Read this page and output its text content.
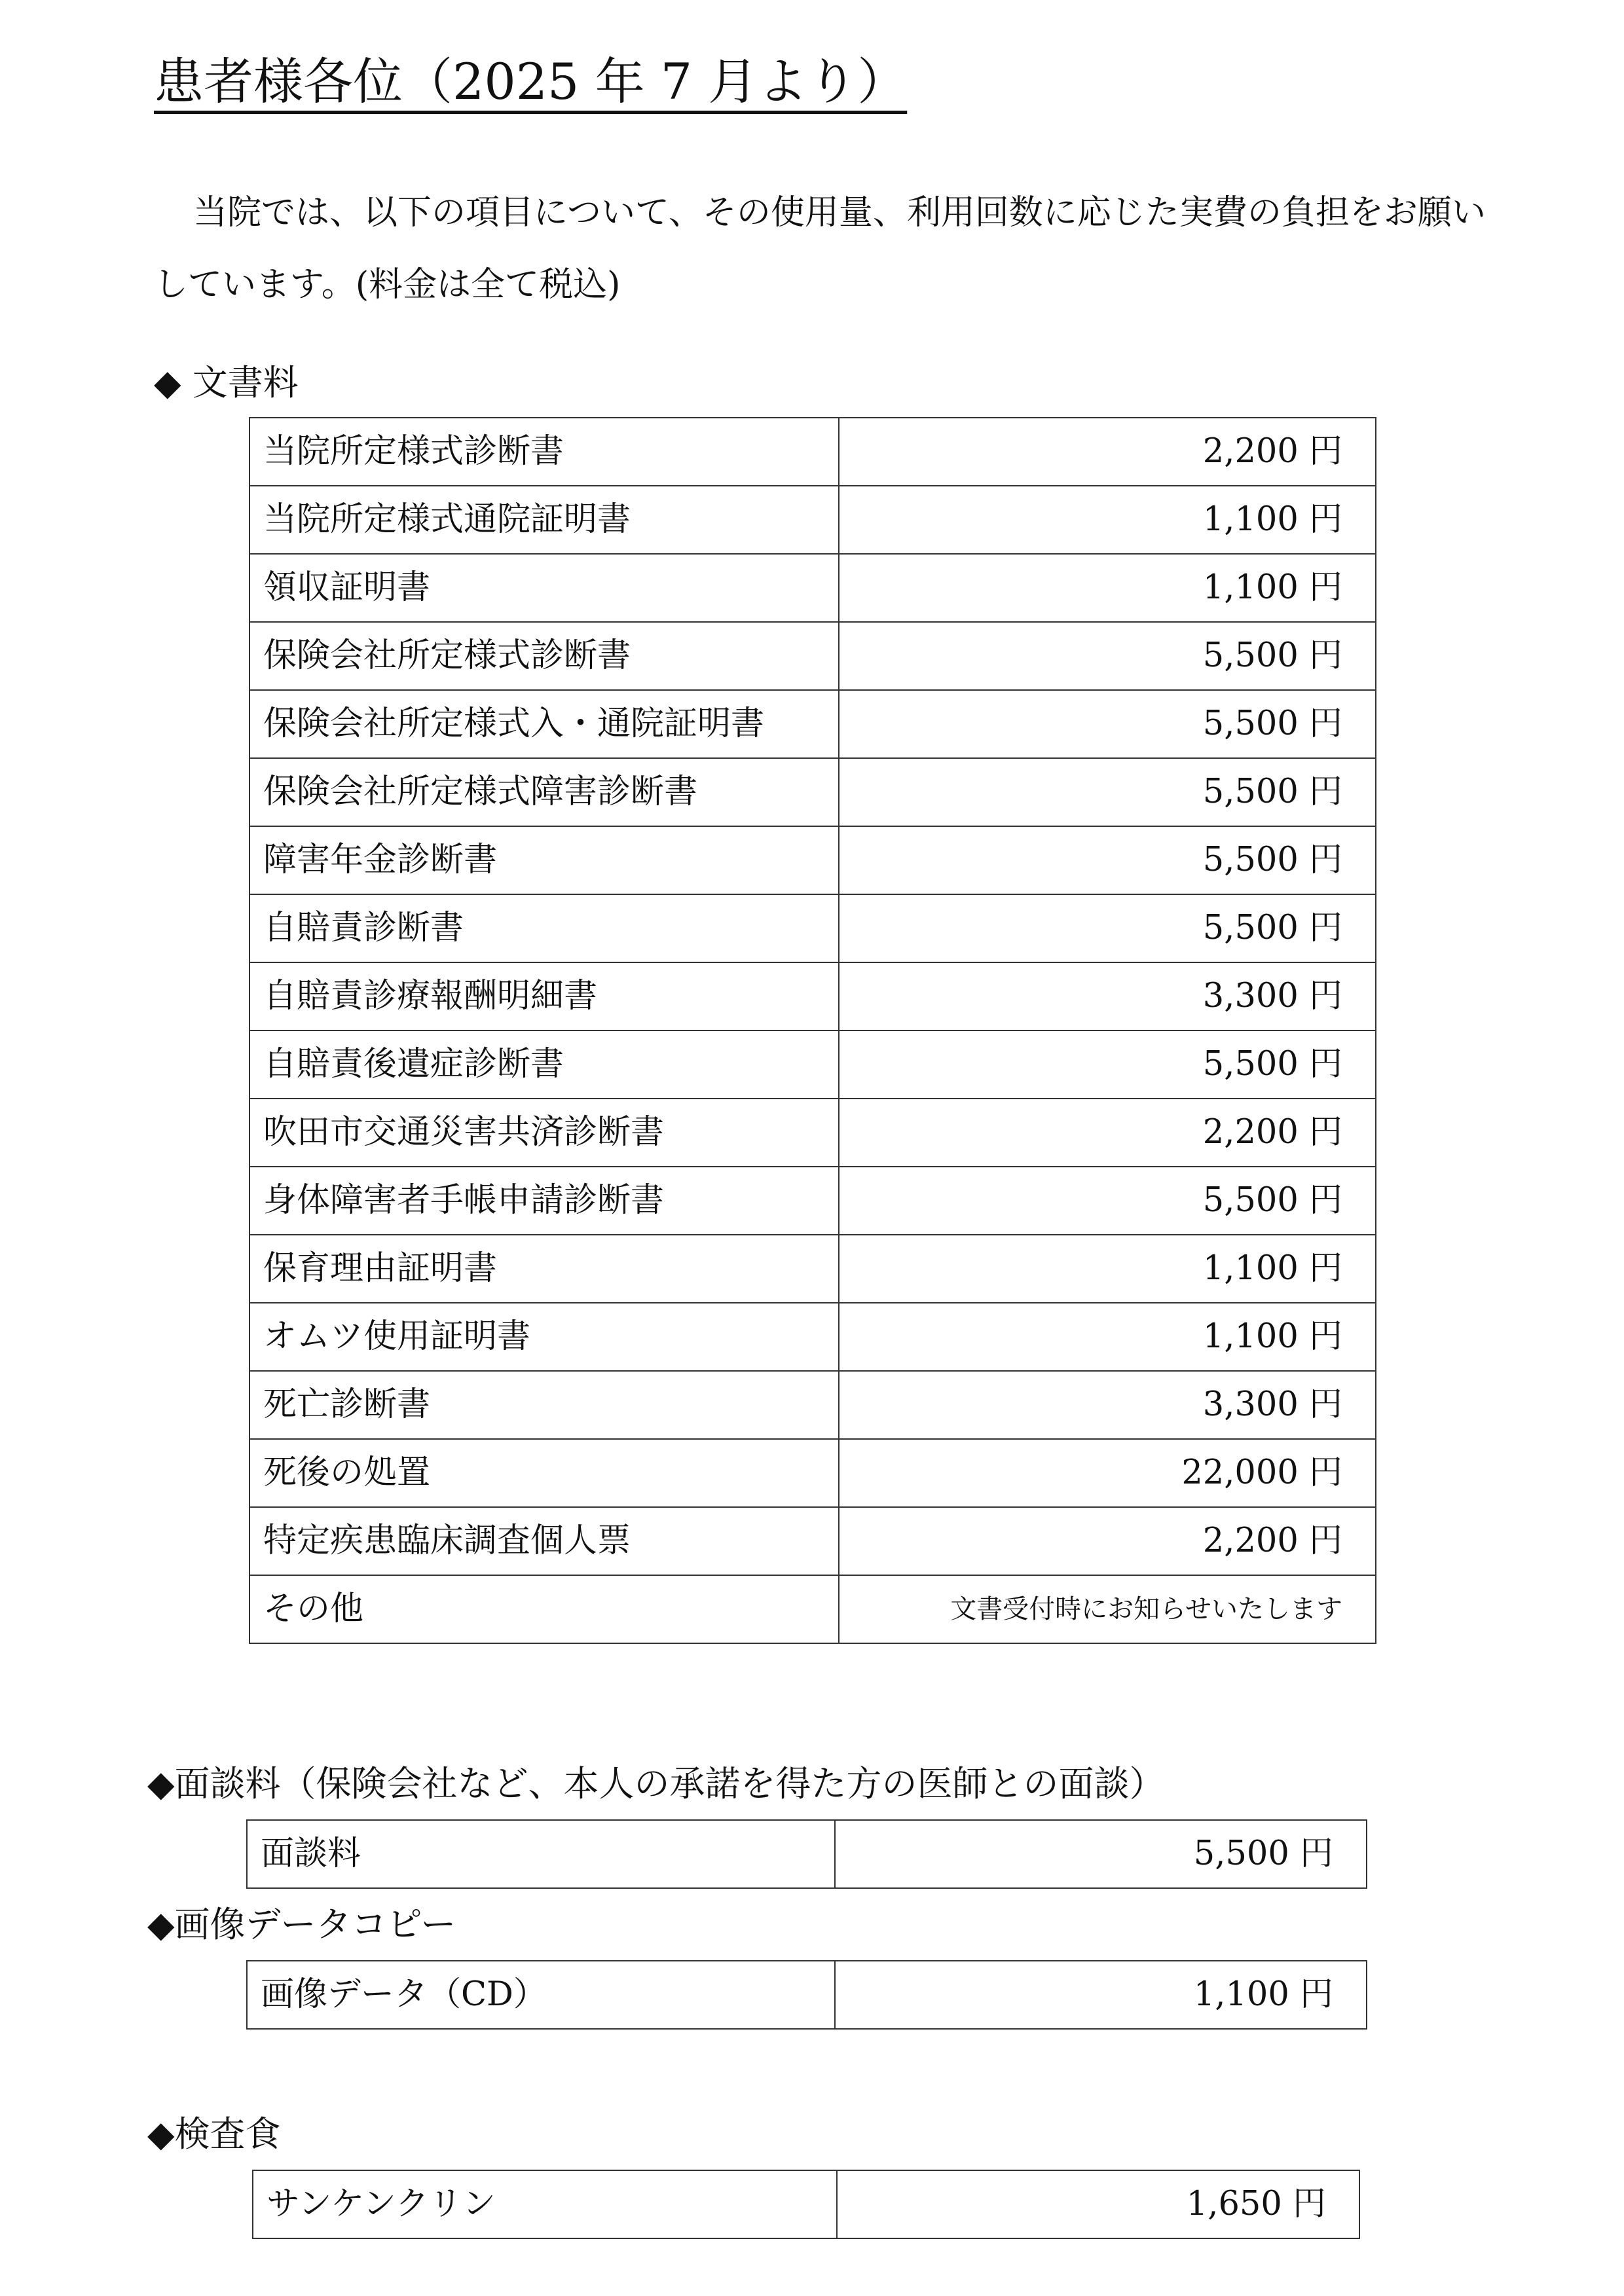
患者様各位（2025 年 7 月より）

当院では、以下の項目について、その使用量、利用回数に応じた実費の負担をお願いしています。(料金は全て税込)

◆ 文書料
当院所定様式診断書	2,200 円
当院所定様式通院証明書	1,100 円
領収証明書	1,100 円
保険会社所定様式診断書	5,500 円
保険会社所定様式入・通院証明書	5,500 円
保険会社所定様式障害診断書	5,500 円
障害年金診断書	5,500 円
自賠責診断書	5,500 円
自賠責診療報酬明細書	3,300 円
自賠責後遺症診断書	5,500 円
吹田市交通災害共済診断書	2,200 円
身体障害者手帳申請診断書	5,500 円
保育理由証明書	1,100 円
オムツ使用証明書	1,100 円
死亡診断書	3,300 円
死後の処置	22,000 円
特定疾患臨床調査個人票	2,200 円
その他	文書受付時にお知らせいたします
◆面談料（保険会社など、本人の承諾を得た方の医師との面談）
面談料	5,500 円
◆画像データコピー
画像データ（CD）	1,100 円
◆検査食
サンケンクリン	1,650 円
